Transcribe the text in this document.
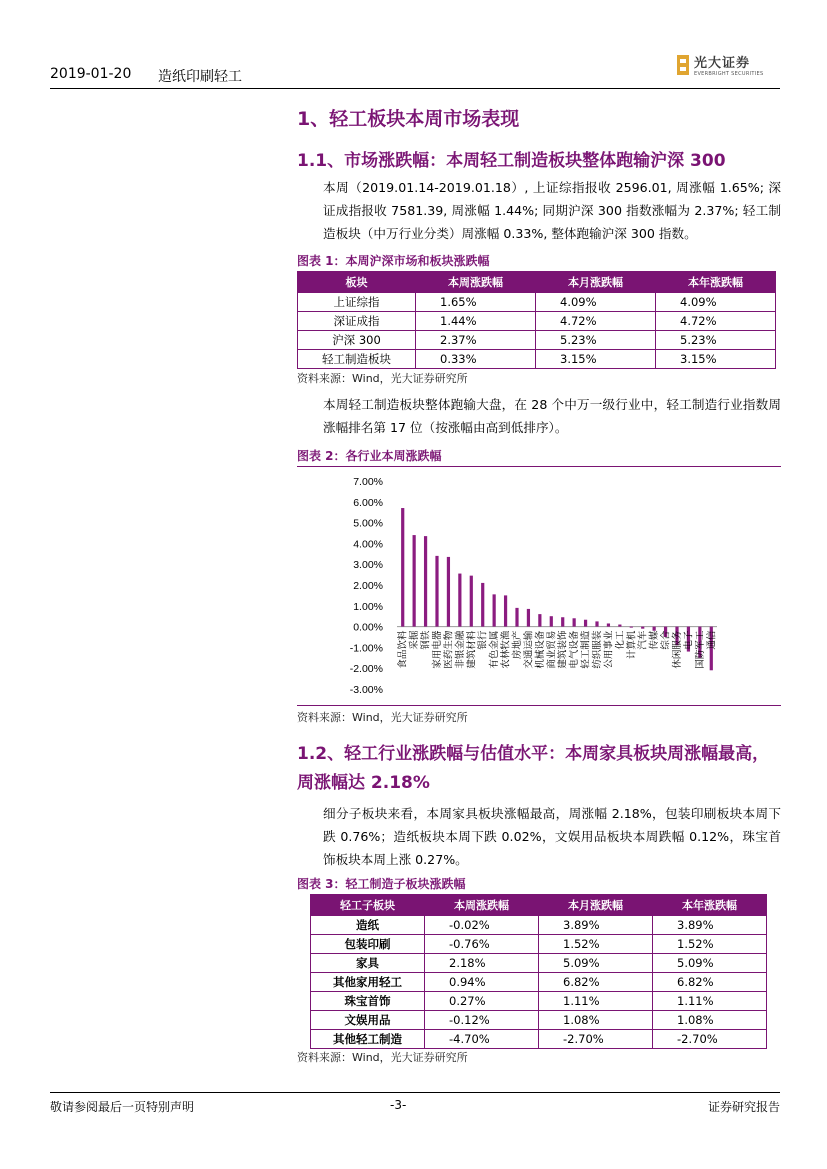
2019-01-20 造纸印刷轻工
光大证券
EVERBRIGHT SECURITIES
1、轻工板块本周市场表现
1.1、市场涨跌幅：本周轻工制造板块整体跑输沪深 300
本周（2019.01.14-2019.01.18）, 上证综指报收 2596.01, 周涨幅 1.65%; 深证成指报收 7581.39, 周涨幅 1.44%; 同期沪深 300 指数涨幅为 2.37%; 轻工制造板块（中万行业分类）周涨幅 0.33%, 整体跑输沪深 300 指数。
图表 1：本周沪深市场和板块涨跌幅
板块	本周涨跌幅	本月涨跌幅	本年涨跌幅
上证综指	1.65%	4.09%	4.09%
深证成指	1.44%	4.72%	4.72%
沪深 300	2.37%	5.23%	5.23%
轻工制造板块	0.33%	3.15%	3.15%
资料来源：Wind，光大证券研究所
本周轻工制造板块整体跑输大盘，在 28 个中万一级行业中，轻工制造行业指数周涨幅排名第 17 位（按涨幅由高到低排序）。
图表 2：各行业本周涨跌幅
7.00%
6.00%
5.00%
4.00%
3.00%
2.00%
1.00%
0.00%
-1.00%
-2.00%
-3.00%
食品饮料 采掘 钢铁 家用电器 医药生物 非银金融 建筑材料 银行 有色金属 农林牧渔 房地产 交通运输 机械设备 商业贸易 建筑装饰 电气设备 轻工制造 纺织服装 公用事业 化工 计算机 汽车 传媒 综合 休闲服务 电子 国防军工 通信
资料来源：Wind，光大证券研究所
1.2、轻工行业涨跌幅与估值水平：本周家具板块周涨幅最高，周涨幅达 2.18%
细分子板块来看，本周家具板块涨幅最高，周涨幅 2.18%，包装印刷板块本周下跌 0.76%；造纸板块本周下跌 0.02%，文娱用品板块本周跌幅 0.12%，珠宝首饰板块本周上涨 0.27%。
图表 3：轻工制造子板块涨跌幅
轻工子板块	本周涨跌幅	本月涨跌幅	本年涨跌幅
造纸	-0.02%	3.89%	3.89%
包装印刷	-0.76%	1.52%	1.52%
家具	2.18%	5.09%	5.09%
其他家用轻工	0.94%	6.82%	6.82%
珠宝首饰	0.27%	1.11%	1.11%
文娱用品	-0.12%	1.08%	1.08%
其他轻工制造	-4.70%	-2.70%	-2.70%
资料来源：Wind，光大证券研究所
敬请参阅最后一页特别声明	-3-	证券研究报告
